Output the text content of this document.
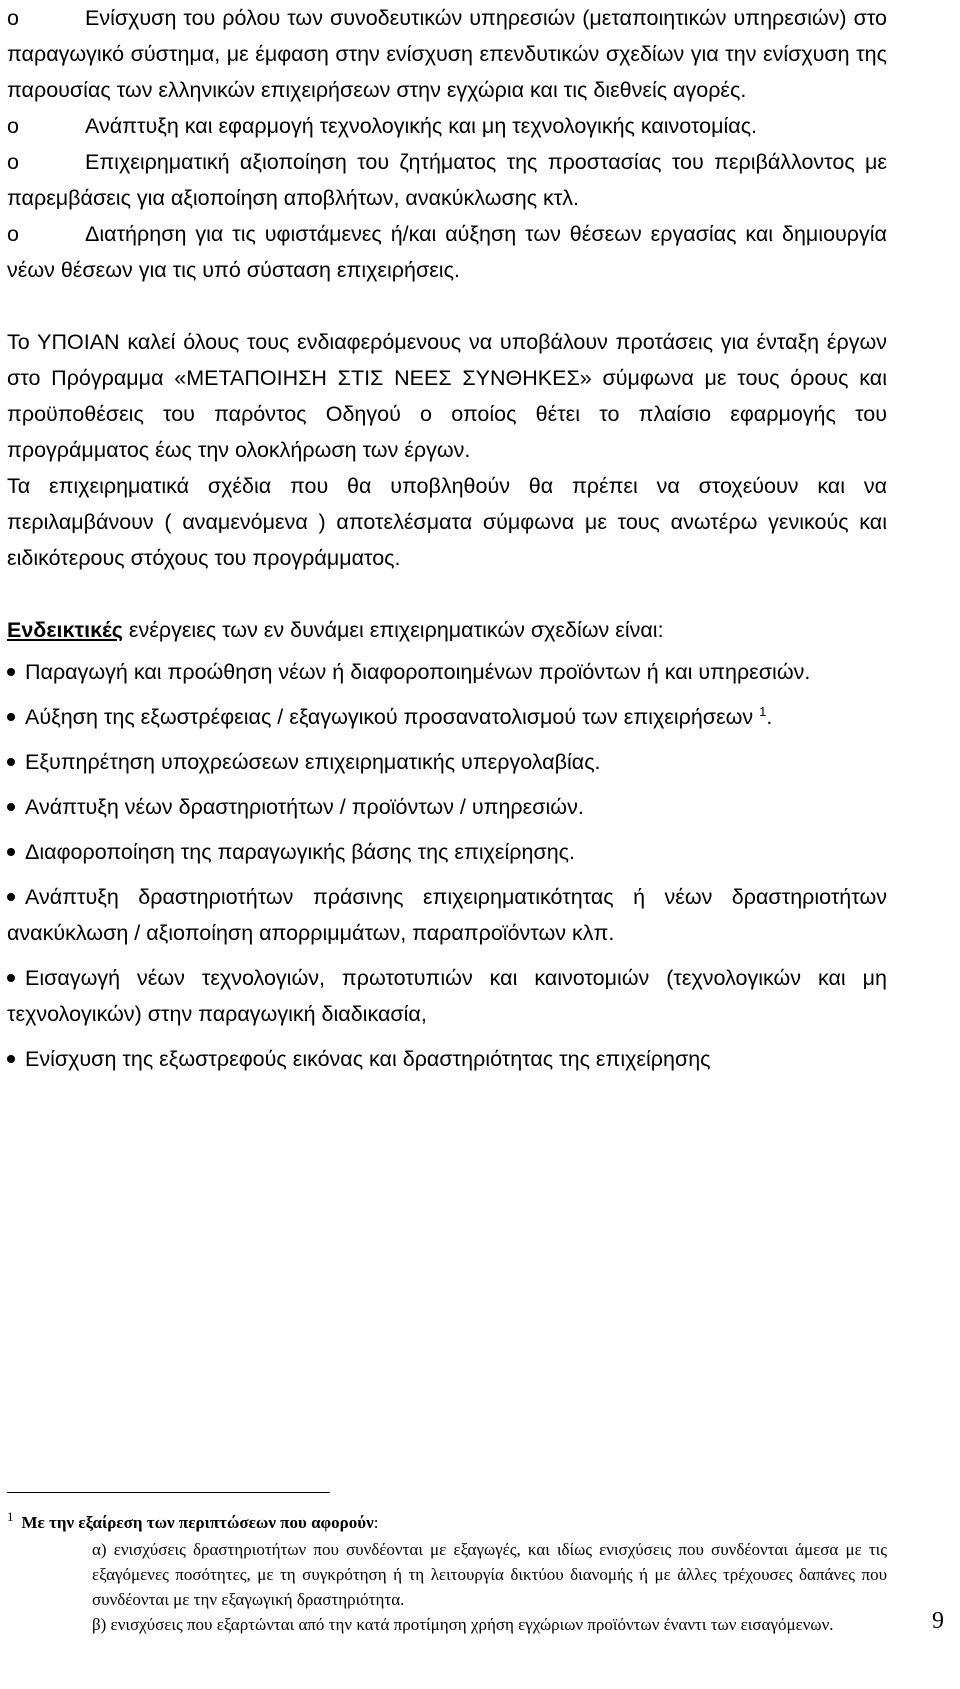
o	Ενίσχυση του ρόλου των συνοδευτικών υπηρεσιών (μεταποιητικών υπηρεσιών) στο παραγωγικό σύστημα, με έμφαση στην ενίσχυση επενδυτικών σχεδίων για την ενίσχυση της παρουσίας των ελληνικών επιχειρήσεων στην εγχώρια και τις διεθνείς αγορές.

o	Ανάπτυξη και εφαρμογή τεχνολογικής και μη τεχνολογικής καινοτομίας.

o	Επιχειρηματική αξιοποίηση του ζητήματος της προστασίας του περιβάλλοντος με παρεμβάσεις για αξιοποίηση αποβλήτων, ανακύκλωσης κτλ.

o	Διατήρηση για τις υφιστάμενες ή/και αύξηση των θέσεων εργασίας και δημιουργία νέων θέσεων για τις υπό σύσταση επιχειρήσεις.

Το ΥΠΟΙΑΝ καλεί όλους τους ενδιαφερόμενους να υποβάλουν προτάσεις για ένταξη έργων στο Πρόγραμμα «ΜΕΤΑΠΟΙΗΣΗ ΣΤΙΣ ΝΕΕΣ ΣΥΝΘΗΚΕΣ» σύμφωνα με τους όρους και προϋποθέσεις του παρόντος Οδηγού ο οποίος θέτει το πλαίσιο εφαρμογής του προγράμματος έως την ολοκλήρωση των έργων.

Τα επιχειρηματικά σχέδια που θα υποβληθούν θα πρέπει να στοχεύουν και να περιλαμβάνουν ( αναμενόμενα ) αποτελέσματα σύμφωνα με τους ανωτέρω γενικούς και ειδικότερους στόχους του προγράμματος.

Ενδεικτικές ενέργειες των εν δυνάμει επιχειρηματικών σχεδίων είναι:

Παραγωγή και προώθηση νέων ή διαφοροποιημένων προϊόντων ή και υπηρεσιών.
Αύξηση της εξωστρέφειας / εξαγωγικού προσανατολισμού των επιχειρήσεων $^1$.
Εξυπηρέτηση υποχρεώσεων επιχειρηματικής υπεργολαβίας.
Ανάπτυξη νέων δραστηριοτήτων / προϊόντων / υπηρεσιών.
Διαφοροποίηση της παραγωγικής βάσης της επιχείρησης.
Ανάπτυξη δραστηριοτήτων πράσινης επιχειρηματικότητας ή νέων δραστηριοτήτων ανακύκλωση / αξιοποίηση απορριμμάτων, παραπροϊόντων κλπ.
Εισαγωγή νέων τεχνολογιών, πρωτοτυπιών και καινοτομιών (τεχνολογικών και μη τεχνολογικών) στην παραγωγική διαδικασία,
Ενίσχυση της εξωστρεφούς εικόνας και δραστηριότητας της επιχείρησης

$^1$ Με την εξαίρεση των περιπτώσεων που αφορούν:

α) ενισχύσεις δραστηριοτήτων που συνδέονται με εξαγωγές, και ιδίως ενισχύσεις που συνδέονται άμεσα με τις εξαγόμενες ποσότητες, με τη συγκρότηση ή τη λειτουργία δικτύου διανομής ή με άλλες τρέχουσες δαπάνες που συνδέονται με την εξαγωγική δραστηριότητα.

β) ενισχύσεις που εξαρτώνται από την κατά προτίμηση χρήση εγχώριων προϊόντων έναντι των εισαγόμενων.	9
